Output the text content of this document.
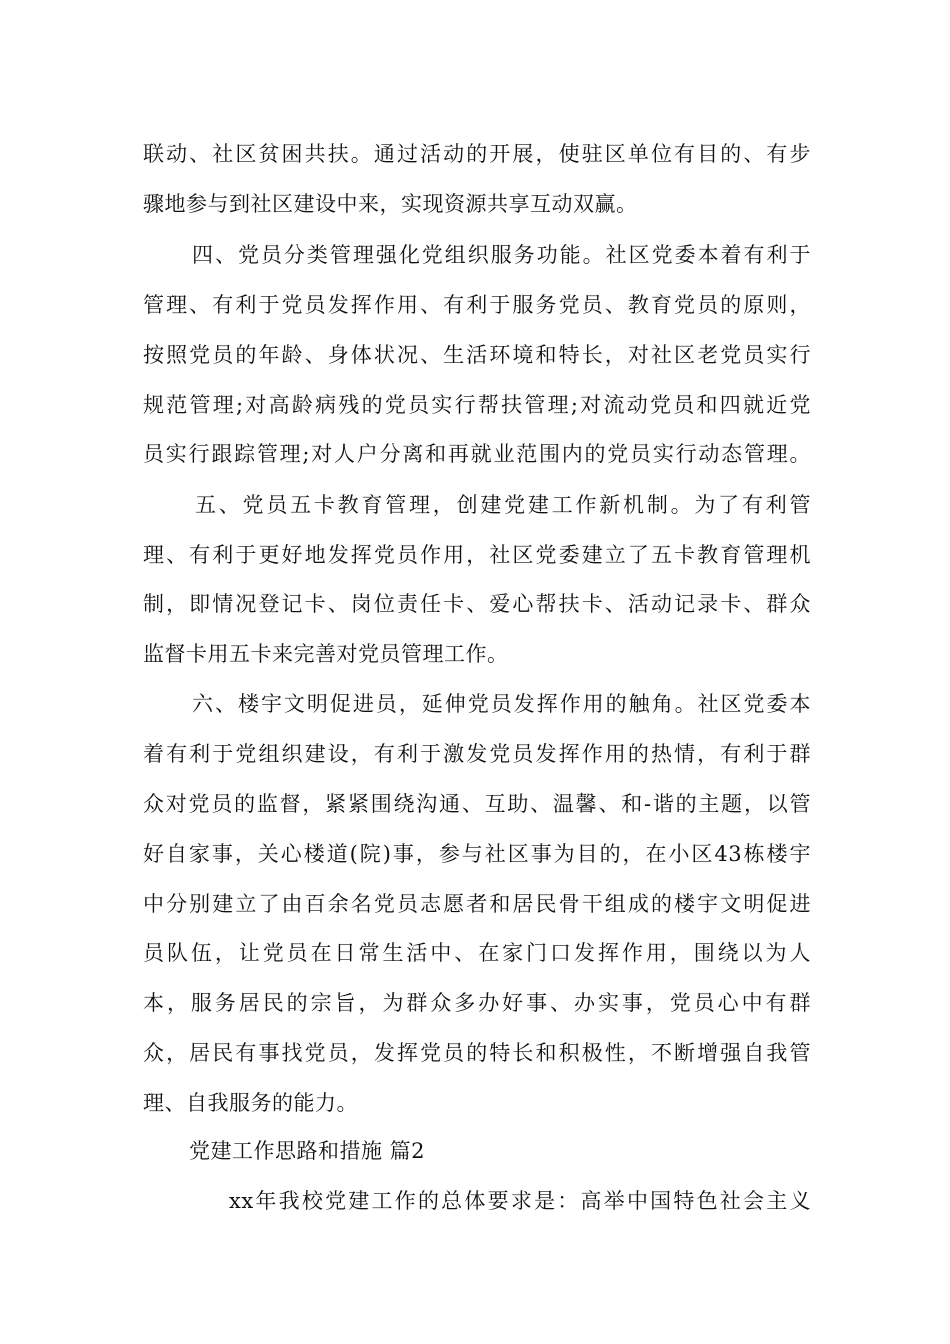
联动、社区贫困共扶。通过活动的开展，使驻区单位有目的、有步
骤地参与到社区建设中来，实现资源共享互动双赢。
四、党员分类管理强化党组织服务功能。社区党委本着有利于
管理、有利于党员发挥作用、有利于服务党员、教育党员的原则，
按照党员的年龄、身体状况、生活环境和特长，对社区老党员实行
规范管理;对高龄病残的党员实行帮扶管理;对流动党员和四就近党
员实行跟踪管理;对人户分离和再就业范围内的党员实行动态管理。
五、党员五卡教育管理，创建党建工作新机制。为了有利管
理、有利于更好地发挥党员作用，社区党委建立了五卡教育管理机
制，即情况登记卡、岗位责任卡、爱心帮扶卡、活动记录卡、群众
监督卡用五卡来完善对党员管理工作。
六、楼宇文明促进员，延伸党员发挥作用的触角。社区党委本
着有利于党组织建设，有利于激发党员发挥作用的热情，有利于群
众对党员的监督，紧紧围绕沟通、互助、温馨、和-谐的主题，以管
好自家事，关心楼道(院)事，参与社区事为目的，在小区43栋楼宇
中分别建立了由百余名党员志愿者和居民骨干组成的楼宇文明促进
员队伍，让党员在日常生活中、在家门口发挥作用，围绕以为人
本，服务居民的宗旨，为群众多办好事、办实事，党员心中有群
众，居民有事找党员，发挥党员的特长和积极性，不断增强自我管
理、自我服务的能力。
党建工作思路和措施 篇2
xx年我校党建工作的总体要求是：高举中国特色社会主义
